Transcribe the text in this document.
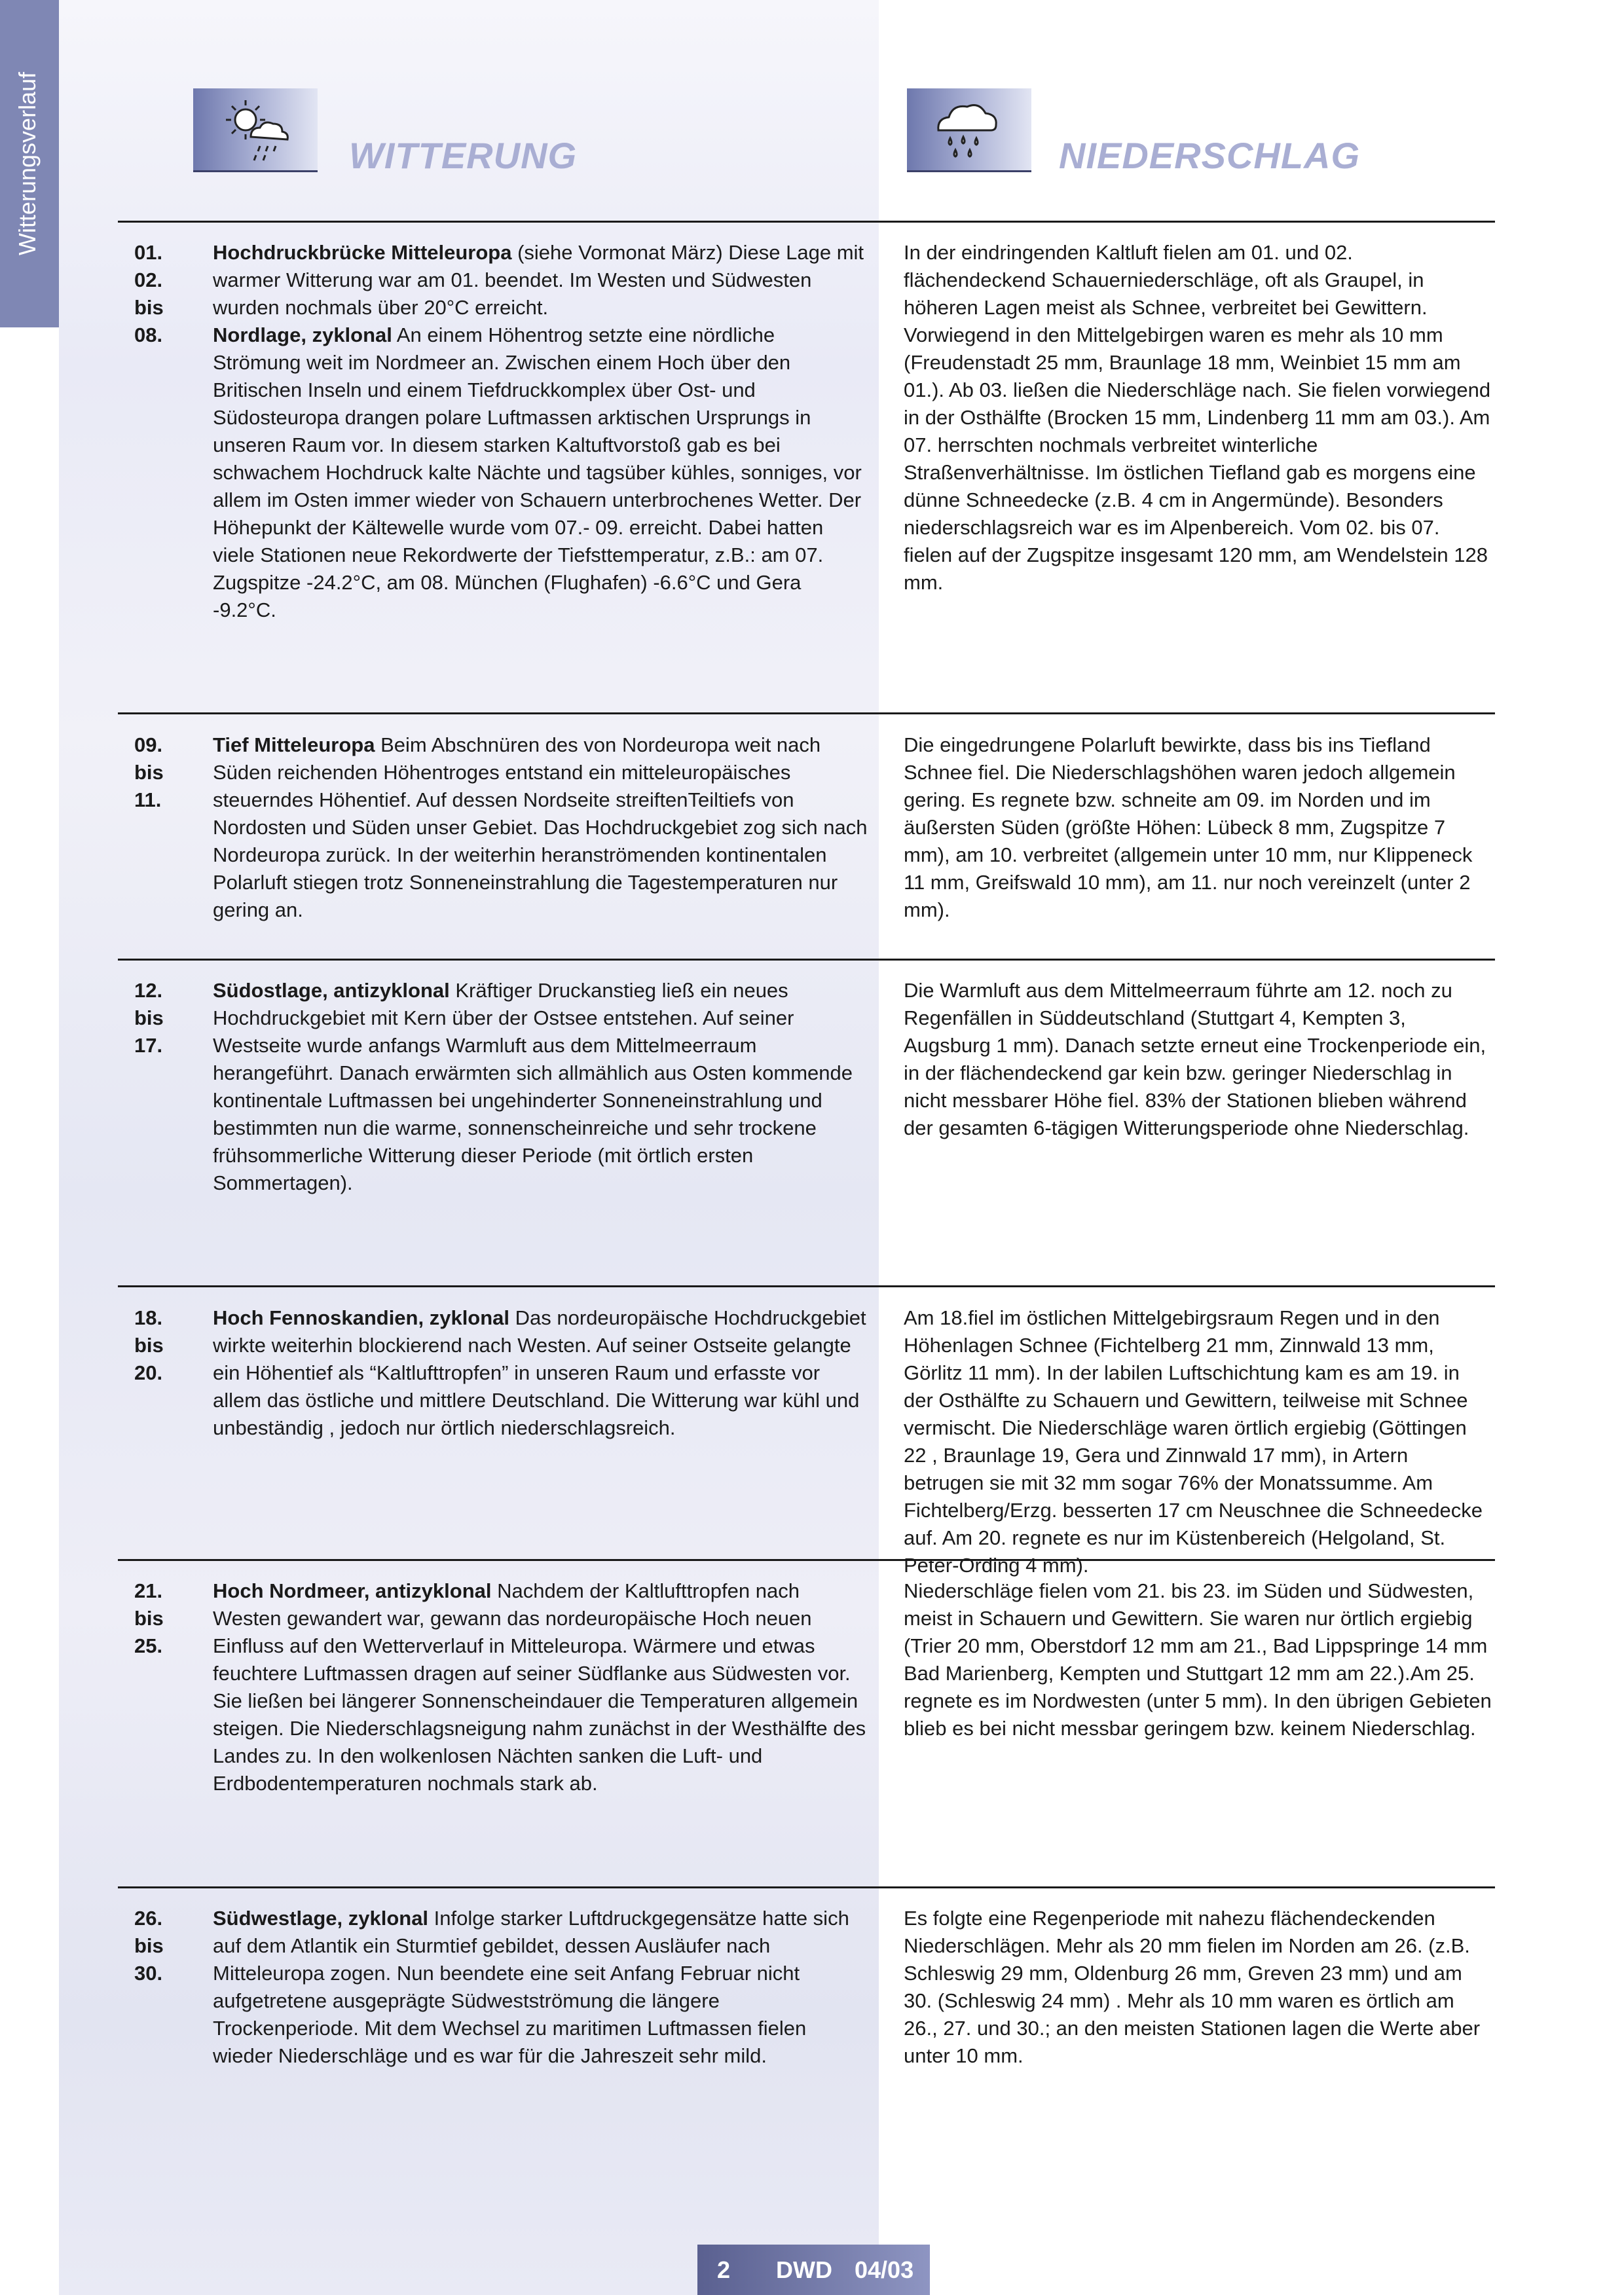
Witterungsverlauf	WITTERUNG	NIEDERSCHLAG
01.
02.
bis
08.
Hochdruckbrücke Mitteleuropa (siehe Vormonat März) Diese Lage mit warmer Witterung war am 01. beendet. Im Westen und Südwesten wurden nochmals über 20°C erreicht.
Nordlage, zyklonal An einem Höhentrog setzte eine nördliche Strömung weit im Nordmeer an. Zwischen einem Hoch über den Britischen Inseln und einem Tiefdruckkomplex über Ost- und Südosteuropa drangen polare Luftmassen arktischen Ursprungs in unseren Raum vor. In diesem starken Kaltuftvorstoß gab es bei schwachem Hochdruck kalte Nächte und tagsüber kühles, sonniges, vor allem im Osten immer wieder von Schauern unterbrochenes Wetter. Der Höhepunkt der Kältewelle wurde vom 07.- 09. erreicht. Dabei hatten viele Stationen neue Rekordwerte der Tiefsttemperatur, z.B.: am 07. Zugspitze -24.2°C, am 08. München (Flughafen) -6.6°C und Gera -9.2°C.
In der eindringenden Kaltluft fielen am 01. und 02. flächendeckend Schauerniederschläge, oft als Graupel, in höheren Lagen meist als Schnee, verbreitet bei Gewittern. Vorwiegend in den Mittelgebirgen waren es mehr als 10 mm (Freudenstadt 25 mm, Braunlage 18 mm, Weinbiet 15 mm am 01.). Ab 03. ließen die Niederschläge nach. Sie fielen vorwiegend in der Osthälfte (Brocken 15 mm, Lindenberg 11 mm am 03.). Am 07. herrschten nochmals verbreitet winterliche Straßenverhältnisse. Im östlichen Tiefland gab es morgens eine dünne Schneedecke (z.B. 4 cm in Angermünde). Besonders niederschlagsreich war es im Alpenbereich. Vom 02. bis 07. fielen auf der Zugspitze insgesamt 120 mm, am Wendelstein 128 mm.
09.
bis
11.
Tief Mitteleuropa Beim Abschnüren des von Nordeuropa weit nach Süden reichenden Höhentroges entstand ein mitteleuropäisches steuerndes Höhentief. Auf dessen Nordseite streiftenTeiltiefs von Nordosten und Süden unser Gebiet. Das Hochdruckgebiet zog sich nach Nordeuropa zurück. In der weiterhin heranströmenden kontinentalen Polarluft stiegen trotz Sonneneinstrahlung die Tagestemperaturen nur gering an.
Die eingedrungene Polarluft bewirkte, dass bis ins Tiefland Schnee fiel. Die Niederschlagshöhen waren jedoch allgemein gering. Es regnete bzw. schneite am 09. im Norden und im äußersten Süden (größte Höhen: Lübeck 8 mm, Zugspitze 7 mm), am 10. verbreitet (allgemein unter 10 mm, nur Klippeneck 11 mm, Greifswald 10 mm), am 11. nur noch vereinzelt (unter 2 mm).
12.
bis
17.
Südostlage, antizyklonal Kräftiger Druckanstieg ließ ein neues Hochdruckgebiet mit Kern über der Ostsee entstehen. Auf seiner Westseite wurde anfangs Warmluft aus dem Mittelmeerraum herangeführt. Danach erwärmten sich allmählich aus Osten kommende kontinentale Luftmassen bei ungehinderter Sonneneinstrahlung und bestimmten nun die warme, sonnenscheinreiche und sehr trockene frühsommerliche Witterung dieser Periode (mit örtlich ersten Sommertagen).
Die Warmluft aus dem Mittelmeerraum führte am 12. noch zu Regenfällen in Süddeutschland (Stuttgart 4, Kempten 3, Augsburg 1 mm). Danach setzte erneut eine Trockenperiode ein, in der flächendeckend gar kein bzw. geringer Niederschlag in nicht messbarer Höhe fiel. 83% der Stationen blieben während der gesamten 6-tägigen Witterungsperiode ohne Niederschlag.
18.
bis
20.
Hoch Fennoskandien, zyklonal Das nordeuropäische Hochdruckgebiet wirkte weiterhin blockierend nach Westen. Auf seiner Ostseite gelangte ein Höhentief als “Kaltlufttropfen” in unseren Raum und erfasste vor allem das östliche und mittlere Deutschland. Die Witterung war kühl und unbeständig , jedoch nur örtlich niederschlagsreich.
Am 18.fiel im östlichen Mittelgebirgsraum Regen und in den Höhenlagen Schnee (Fichtelberg 21 mm, Zinnwald 13 mm, Görlitz 11 mm). In der labilen Luftschichtung kam es am 19. in der Osthälfte zu Schauern und Gewittern, teilweise mit Schnee vermischt. Die Niederschläge waren örtlich ergiebig (Göttingen 22 , Braunlage 19, Gera und Zinnwald 17 mm), in Artern betrugen sie mit 32 mm sogar 76% der Monatssumme. Am Fichtelberg/Erzg. besserten 17 cm Neuschnee die Schneedecke auf. Am 20. regnete es nur im Küstenbereich (Helgoland, St. Peter-Ording 4 mm).
21.
bis
25.
Hoch Nordmeer, antizyklonal Nachdem der Kaltlufttropfen nach Westen gewandert war, gewann das nordeuropäische Hoch neuen Einfluss auf den Wetterverlauf in Mitteleuropa. Wärmere und etwas feuchtere Luftmassen dragen auf seiner Südflanke aus Südwesten vor. Sie ließen bei längerer Sonnenscheindauer die Temperaturen allgemein steigen. Die Niederschlagsneigung nahm zunächst in der Westhälfte des Landes zu. In den wolkenlosen Nächten sanken die Luft- und Erdbodentemperaturen nochmals stark ab.
Niederschläge fielen vom 21. bis 23. im Süden und Südwesten, meist in Schauern und Gewittern. Sie waren nur örtlich ergiebig (Trier 20 mm, Oberstdorf 12 mm am 21., Bad Lippspringe 14 mm Bad Marienberg, Kempten und Stuttgart 12 mm am 22.).Am 25. regnete es im Nordwesten (unter 5 mm). In den übrigen Gebieten blieb es bei nicht messbar geringem bzw. keinem Niederschlag.
26.
bis
30.
Südwestlage, zyklonal Infolge starker Luftdruckgegensätze hatte sich auf dem Atlantik ein Sturmtief gebildet, dessen Ausläufer nach Mitteleuropa zogen. Nun beendete eine seit Anfang Februar nicht aufgetretene ausgeprägte Südwestströmung die längere Trockenperiode. Mit dem Wechsel zu maritimen Luftmassen fielen wieder Niederschläge und es war für die Jahreszeit sehr mild.
Es folgte eine Regenperiode mit nahezu flächendeckenden Niederschlägen. Mehr als 20 mm fielen im Norden am 26. (z.B. Schleswig 29 mm, Oldenburg 26 mm, Greven 23 mm) und am 30. (Schleswig 24 mm) . Mehr als 10 mm waren es örtlich am 26., 27. und 30.; an den meisten Stationen lagen die Werte aber unter 10 mm.
2 DWD 04/03
